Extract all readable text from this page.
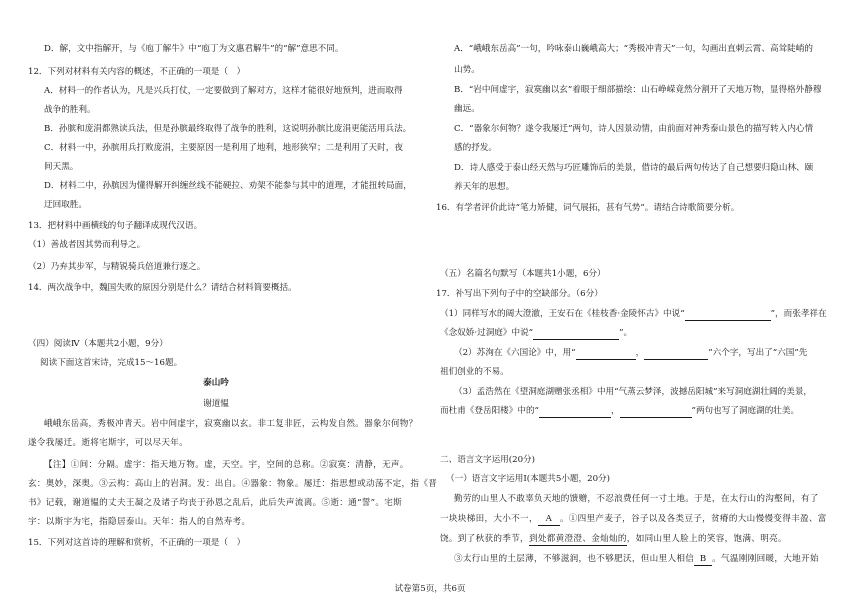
D．解，文中指解开，与《庖丁解牛》中“庖丁为文惠君解牛”的“解”意思不同。
12．下列对材料有关内容的概述，不正确的一项是（　）
A．材料一的作者认为，凡是兴兵打仗，一定要做到了解对方，这样才能很好地预判，进而取得
战争的胜利。
B．孙膑和庞涓都熟读兵法，但是孙膑最终取得了战争的胜利，这说明孙膑比庞涓更能活用兵法。
C．材料一中，孙膑用兵打败庞涓，主要原因一是利用了地利，地形狭窄；二是利用了天时，夜
间天黑。
D．材料二中，孙膑因为懂得解开纠缠丝线不能硬拉、劝架不能参与其中的道理，才能扭转局面，
迂回取胜。
13．把材料中画横线的句子翻译成现代汉语。
（1）善战者因其势而利导之。
（2）乃弃其步军，与精锐骑兵倍道兼行逐之。
14．两次战争中，魏国失败的原因分别是什么？请结合材料简要概括。
（四）阅读Ⅳ（本题共2小题，9分）
阅读下面这首宋诗，完成15～16题。
泰山吟
谢道韫
峨峨东岳高，秀极冲青天。岩中间虚宇，寂寞幽以玄。非工复非匠，云构发自然。器象尔何物？
遂令我屡迁。逝将宅斯宇，可以尽天年。
【注】①间：分隔。虚宇：指天地万物。虚，天空。宇，空间的总称。②寂寞：清静，无声。
玄：奥妙，深奥。③云构：高山上的岩洞。发：出自。④器象：物象。屡迁：指思想或动荡不定，指《晋
书》记载，谢道韫的丈夫王凝之及诸子均丧于孙恩之乱后，此后失声流离。⑤逝：通“誓”。宅斯
宇：以斯宇为宅，指隐居泰山。天年：指人的自然寿考。
15．下列对这首诗的理解和赏析，不正确的一项是（　）
A．“峨峨东岳高”一句，吟咏泰山巍峨高大；“秀极冲青天”一句，勾画出直刺云霄、高耸陡峭的
山势。
B．“岩中间虚宇，寂寞幽以玄”着眼于细部描绘：山石峥嵘竟然分割开了天地万物，显得格外静穆
幽远。
C．“器象尔何物？遂令我屡迁”两句，诗人因景动情，由前面对神秀泰山景色的描写转入内心情
感的抒发。
D．诗人感受于泰山经天然与巧匠雕饰后的美景，借诗的最后两句传达了自己想要归隐山林、颐
养天年的思想。
16．有学者评价此诗“笔力矫健，词气展拓，甚有气势”。请结合诗歌简要分析。
（五）名篇名句默写（本题共1小题，6分）
17．补写出下列句子中的空缺部分。（6分）
（1）同样写水的阔大澄澈，王安石在《桂枝香·金陵怀古》中说“	”，而张孝祥在
《念奴娇·过洞庭》中说“	”。
（2）苏洵在《六国论》中，用“	，	”六个字，写出了“六国”先
祖们创业的不易。
（3）孟浩然在《望洞庭湖赠张丞相》中用“气蒸云梦泽，波撼岳阳城”来写洞庭湖壮阔的美景，
而杜甫《登岳阳楼》中的“	，	”两句也写了洞庭湖的壮美。
二、语言文字运用(20分)
（一）语言文字运用Ⅰ(本题共5小题，20分)
勤劳的山里人不敢辜负天地的馈赠，不忍浪费任何一寸土地。于是，在太行山的沟壑间，有了
一块块梯田，大小不一， A 。①四里产麦子，谷子以及各类豆子，贫瘠的大山慢慢变得丰盈、富
饶。到了秋获的季节，到处都黄澄澄、金灿灿的，如同山里人脸上的笑容，饱满、明亮。
③太行山里的土层薄，不够滋润，也不够肥沃，但山里人相信 B 。气温刚刚回暖，大地开始
试卷第5页，共6页
